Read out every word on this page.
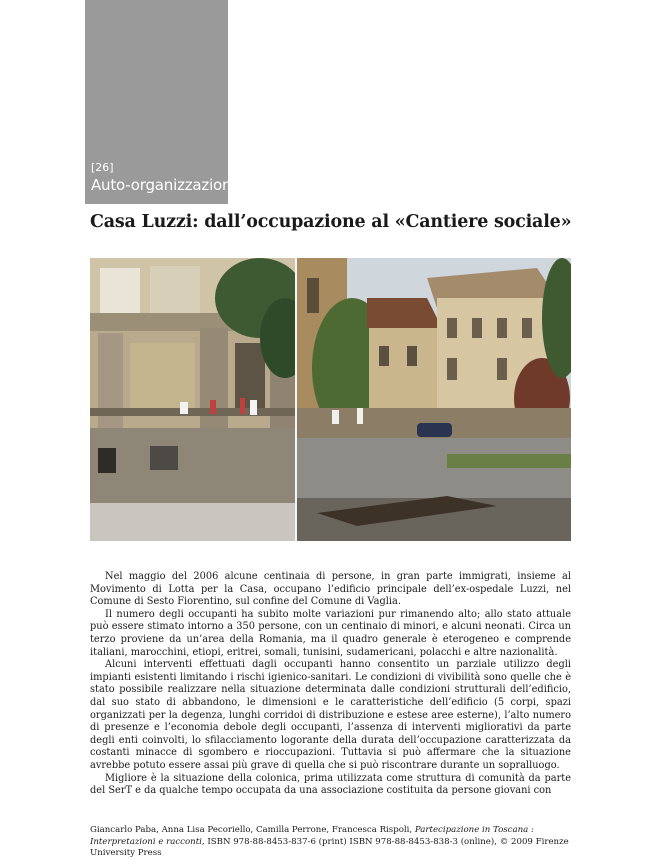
[26]
Auto-organizzazione
Casa Luzzi: dall’occupazione al «Cantiere sociale»

Nel maggio del 2006 alcune centinaia di persone, in gran parte immigrati, insieme al Movimento di Lotta per la Casa, occupano l’edificio principale dell’ex-ospedale Luzzi, nel Comune di Sesto Fiorentino, sul confine del Comune di Vaglia.

Il numero degli occupanti ha subito molte variazioni pur rimanendo alto; allo stato attuale può essere stimato intorno a 350 persone, con un centinaio di minori, e alcuni neonati. Circa un terzo proviene da un’area della Romania, ma il quadro generale è eterogeneo e comprende italiani, marocchini, etiopi, eritrei, somali, tunisini, sudamericani, polacchi e altre nazionalità.

Alcuni interventi effettuati dagli occupanti hanno consentito un parziale utilizzo degli impianti esistenti limitando i rischi igienico-sanitari. Le condizioni di vivibilità sono quelle che è stato possibile realizzare nella situazione determinata dalle condizioni strutturali dell’edificio, dal suo stato di abbandono, le dimensioni e le caratteristiche dell’edificio (5 corpi, spazi organizzati per la degenza, lunghi corridoi di distribuzione e estese aree esterne), l’alto numero di presenze e l’economia debole degli occupanti, l’assenza di interventi migliorativi da parte degli enti coinvolti, lo sfilacciamento logorante della durata dell’occupazione caratterizzata da costanti minacce di sgombero e rioccupazioni. Tuttavia si può affermare che la situazione avrebbe potuto essere assai più grave di quella che si può riscontrare durante un sopralluogo.

Migliore è la situazione della colonica, prima utilizzata come struttura di comunità da parte del SerT e da qualche tempo occupata da una associazione costituita da persone giovani con

Giancarlo Paba, Anna Lisa Pecoriello, Camilla Perrone, Francesca Rispoli, Partecipazione in Toscana : Interpretazioni e racconti, ISBN 978-88-8453-837-6 (print) ISBN 978-88-8453-838-3 (online), © 2009 Firenze University Press
